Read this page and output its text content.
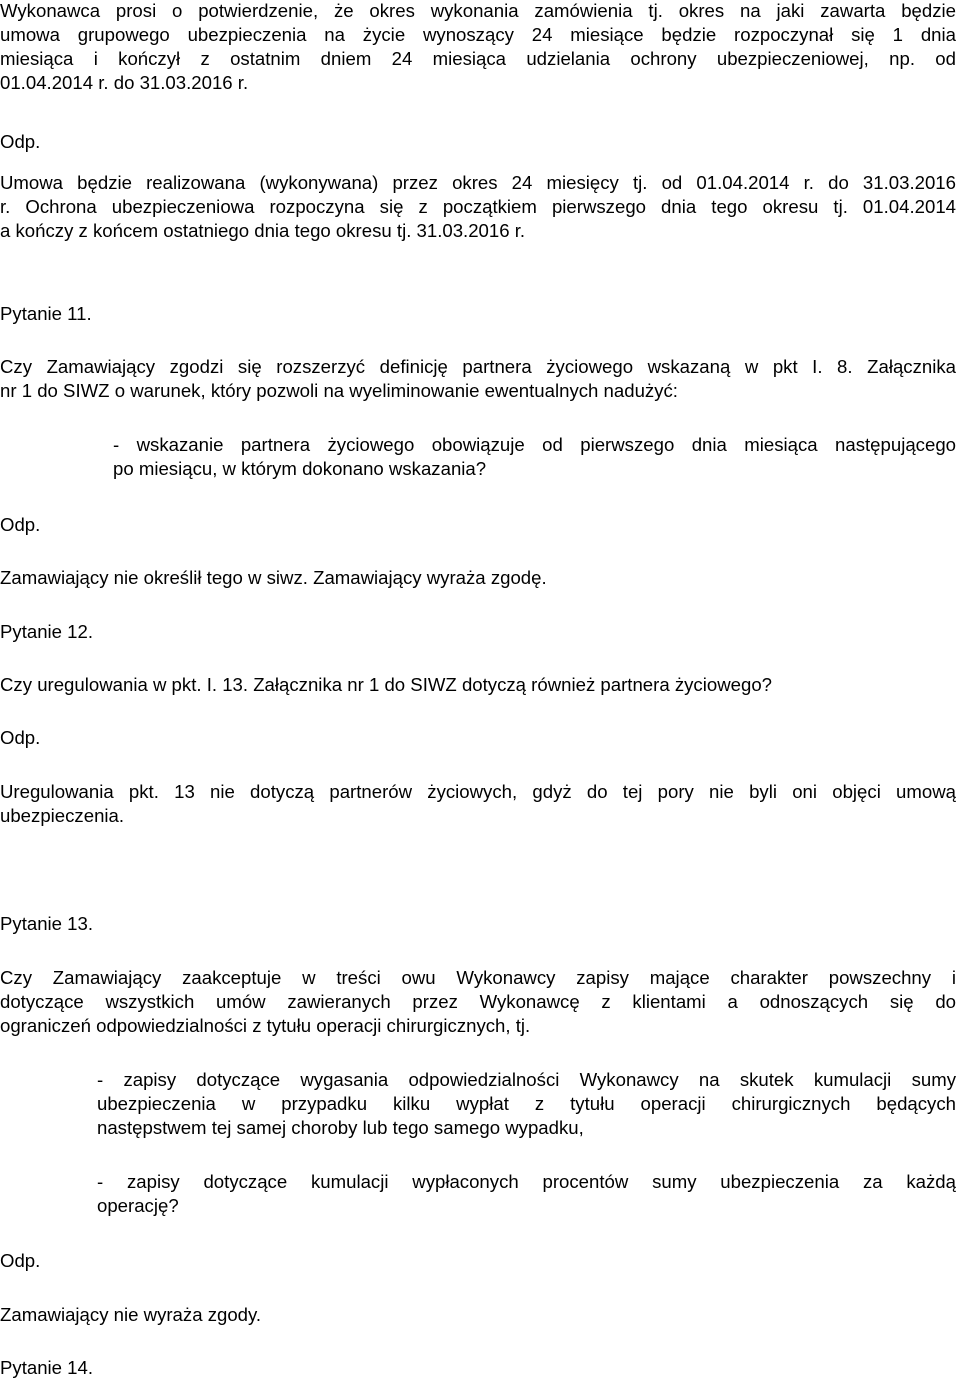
Wykonawca prosi o potwierdzenie, że okres wykonania zamówienia tj. okres na jaki zawarta będzie
umowa grupowego ubezpieczenia na życie wynoszący 24 miesiące będzie rozpoczynał się 1 dnia
miesiąca i kończył z ostatnim dniem 24 miesiąca udzielania ochrony ubezpieczeniowej, np. od
01.04.2014 r. do 31.03.2016 r.

Odp.

Umowa będzie realizowana (wykonywana) przez okres 24 miesięcy tj. od 01.04.2014 r. do 31.03.2016
r. Ochrona ubezpieczeniowa rozpoczyna się z początkiem pierwszego dnia tego okresu tj. 01.04.2014
a kończy z końcem ostatniego dnia tego okresu tj. 31.03.2016 r.

Pytanie 11.

Czy Zamawiający zgodzi się rozszerzyć definicję partnera życiowego wskazaną w pkt I. 8. Załącznika
nr 1 do SIWZ o warunek, który pozwoli na wyeliminowanie ewentualnych nadużyć:
- wskazanie partnera życiowego obowiązuje od pierwszego dnia miesiąca następującego
po miesiącu, w którym dokonano wskazania?

Odp.

Zamawiający nie określił tego w siwz. Zamawiający wyraża zgodę.

Pytanie 12.

Czy uregulowania w pkt. I. 13. Załącznika nr 1 do SIWZ dotyczą również partnera życiowego?

Odp.

Uregulowania pkt. 13 nie dotyczą partnerów życiowych, gdyż do tej pory nie byli oni objęci umową
ubezpieczenia.

Pytanie 13.

Czy Zamawiający zaakceptuje w treści owu Wykonawcy zapisy mające charakter powszechny i
dotyczące wszystkich umów zawieranych przez Wykonawcę z klientami a odnoszących się do
ograniczeń odpowiedzialności z tytułu operacji chirurgicznych, tj.
- zapisy dotyczące wygasania odpowiedzialności Wykonawcy na skutek kumulacji sumy
ubezpieczenia w przypadku kilku wypłat z tytułu operacji chirurgicznych będących
następstwem tej samej choroby lub tego samego wypadku,
- zapisy dotyczące kumulacji wypłaconych procentów sumy ubezpieczenia za każdą
operację?

Odp.

Zamawiający nie wyraża zgody.

Pytanie 14.
